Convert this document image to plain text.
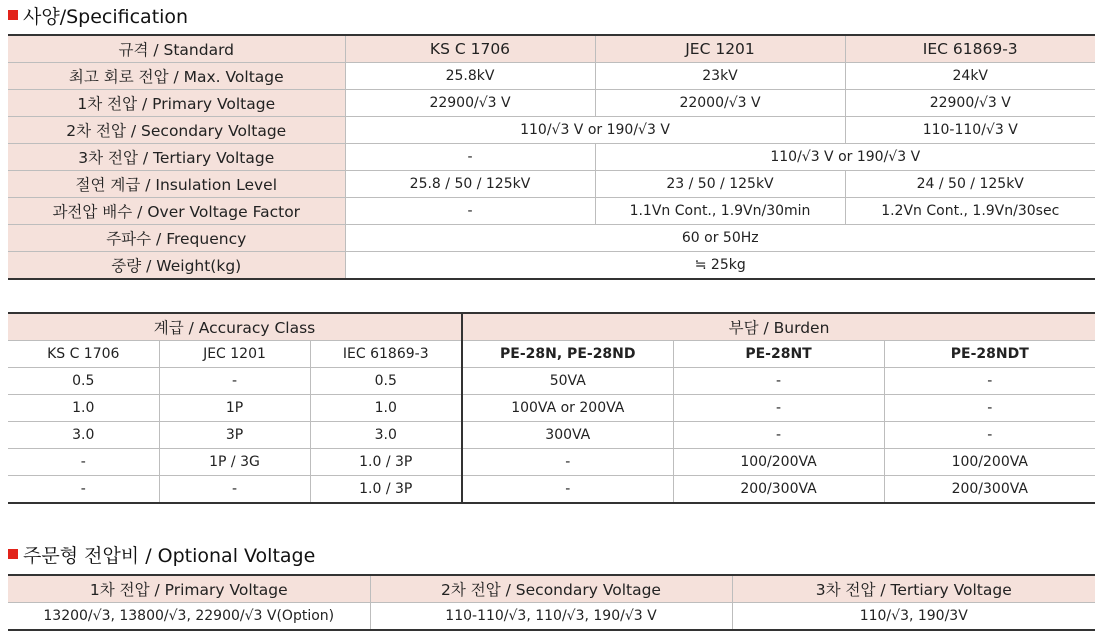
사양/Specification
규격 / Standard	KS C 1706	JEC 1201	IEC 61869-3
최고 회로 전압 / Max. Voltage	25.8kV	23kV	24kV
1차 전압 / Primary Voltage	22900/√3 V	22000/√3 V	22900/√3 V
2차 전압 / Secondary Voltage	110/√3 V or 190/√3 V		110-110/√3 V
3차 전압 / Tertiary Voltage	-	110/√3 V or 190/√3 V	
절연 계급 / Insulation Level	25.8 / 50 / 125kV	23 / 50 / 125kV	24 / 50 / 125kV
과전압 배수 / Over Voltage Factor	-	1.1Vn Cont., 1.9Vn/30min	1.2Vn Cont., 1.9Vn/30sec
주파수 / Frequency	60 or 50Hz		
중량 / Weight(kg)	≒ 25kg		
계급 / Accuracy Class			부담 / Burden		
KS C 1706	JEC 1201	IEC 61869-3	PE-28N, PE-28ND	PE-28NT	PE-28NDT
0.5	-	0.5	50VA	-	-
1.0	1P	1.0	100VA or 200VA	-	-
3.0	3P	3.0	300VA	-	-
-	1P / 3G	1.0 / 3P	-	100/200VA	100/200VA
-	-	1.0 / 3P	-	200/300VA	200/300VA
주문형 전압비 / Optional Voltage
1차 전압 / Primary Voltage	2차 전압 / Secondary Voltage	3차 전압 / Tertiary Voltage
13200/√3, 13800/√3, 22900/√3 V(Option)	110-110/√3, 110/√3, 190/√3 V	110/√3, 190/3V
